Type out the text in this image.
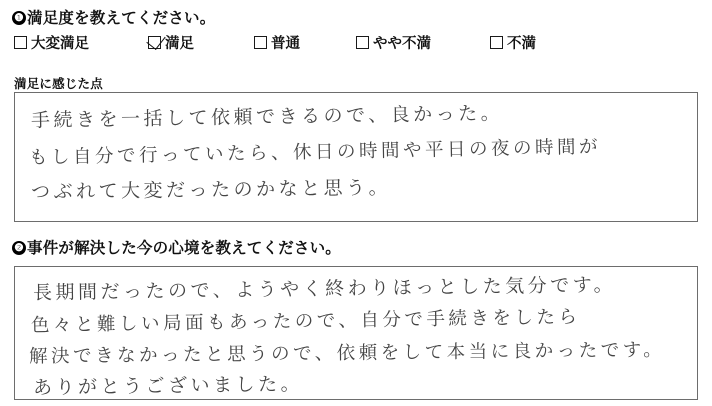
❶ 満足度を教えてください。
大変満足	満足	普通	やや不満	不満
満足に感じた点
手続きを一括して依頼できるので、良かった。
もし自分で行っていたら、休日の時間や平日の夜の時間が
つぶれて大変だったのかなと思う。
❷ 事件が解決した今の心境を教えてください。
長期間だったので、ようやく終わりほっとした気分です。
色々と難しい局面もあったので、自分で手続きをしたら
解決できなかったと思うので、依頼をして本当に良かったです。
ありがとうございました。
